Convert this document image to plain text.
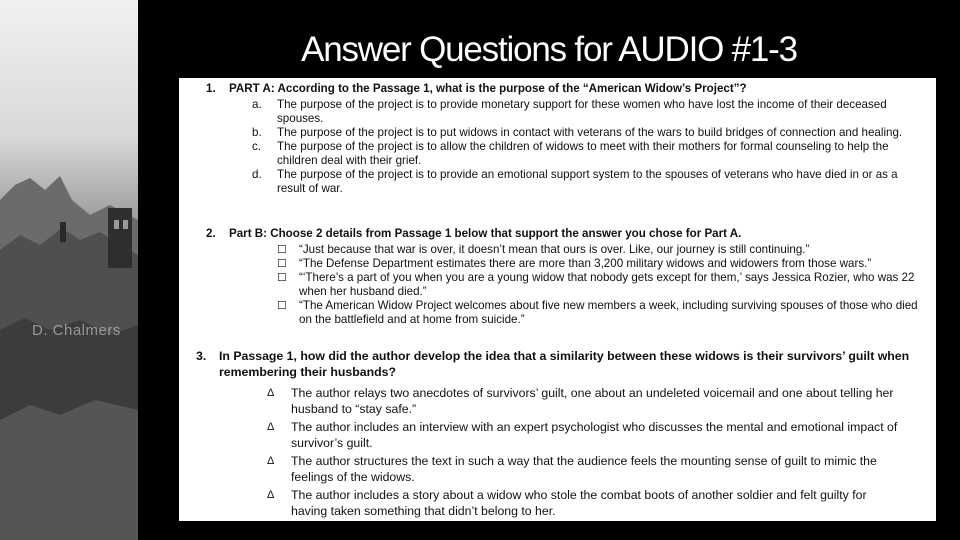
D. Chalmers
Answer Questions for AUDIO #1-3
1. PART A: According to the Passage 1, what is the purpose of the “American Widow’s Project”?
a. The purpose of the project is to provide monetary support for these women who have lost the income of their deceased spouses.
b. The purpose of the project is to put widows in contact with veterans of the wars to build bridges of connection and healing.
c. The purpose of the project is to allow the children of widows to meet with their mothers for formal counseling to help the children deal with their grief.
d. The purpose of the project is to provide an emotional support system to the spouses of veterans who have died in or as a result of war.
2. Part B: Choose 2 details from Passage 1 below that support the answer you chose for Part A.
☐ “Just because that war is over, it doesn’t mean that ours is over. Like, our journey is still continuing.”
☐ “The Defense Department estimates there are more than 3,200 military widows and widowers from those wars.”
☐ “‘There’s a part of you when you are a young widow that nobody gets except for them,’ says Jessica Rozier, who was 22 when her husband died.”
☐ “The American Widow Project welcomes about five new members a week, including surviving spouses of those who died on the battlefield and at home from suicide.”
3. In Passage 1, how did the author develop the idea that a similarity between these widows is their survivors’ guilt when remembering their husbands?
Δ The author relays two anecdotes of survivors’ guilt, one about an undeleted voicemail and one about telling her husband to “stay safe.”
Δ The author includes an interview with an expert psychologist who discusses the mental and emotional impact of survivor’s guilt.
Δ The author structures the text in such a way that the audience feels the mounting sense of guilt to mimic the feelings of the widows.
Δ The author includes a story about a widow who stole the combat boots of another soldier and felt guilty for having taken something that didn’t belong to her.
